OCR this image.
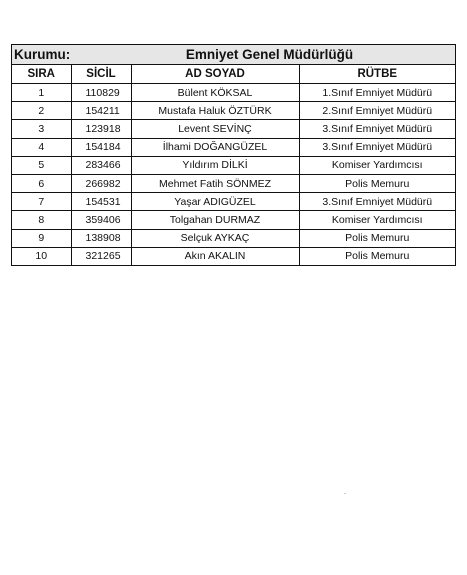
Kurumu:	Emniyet Genel Müdürlüğü
SIRA	SİCİL	AD SOYAD	RÜTBE
1	110829	Bülent KÖKSAL	1.Sınıf Emniyet Müdürü
2	154211	Mustafa Haluk ÖZTÜRK	2.Sınıf Emniyet Müdürü
3	123918	Levent SEVİNÇ	3.Sınıf Emniyet Müdürü
4	154184	İlhami DOĞANGÜZEL	3.Sınıf Emniyet Müdürü
5	283466	Yıldırım DİLKİ	Komiser Yardımcısı
6	266982	Mehmet Fatih SÖNMEZ	Polis Memuru
7	154531	Yaşar ADIGÜZEL	3.Sınıf Emniyet Müdürü
8	359406	Tolgahan DURMAZ	Komiser Yardımcısı
9	138908	Selçuk AYKAÇ	Polis Memuru
10	321265	Akın AKALIN	Polis Memuru
